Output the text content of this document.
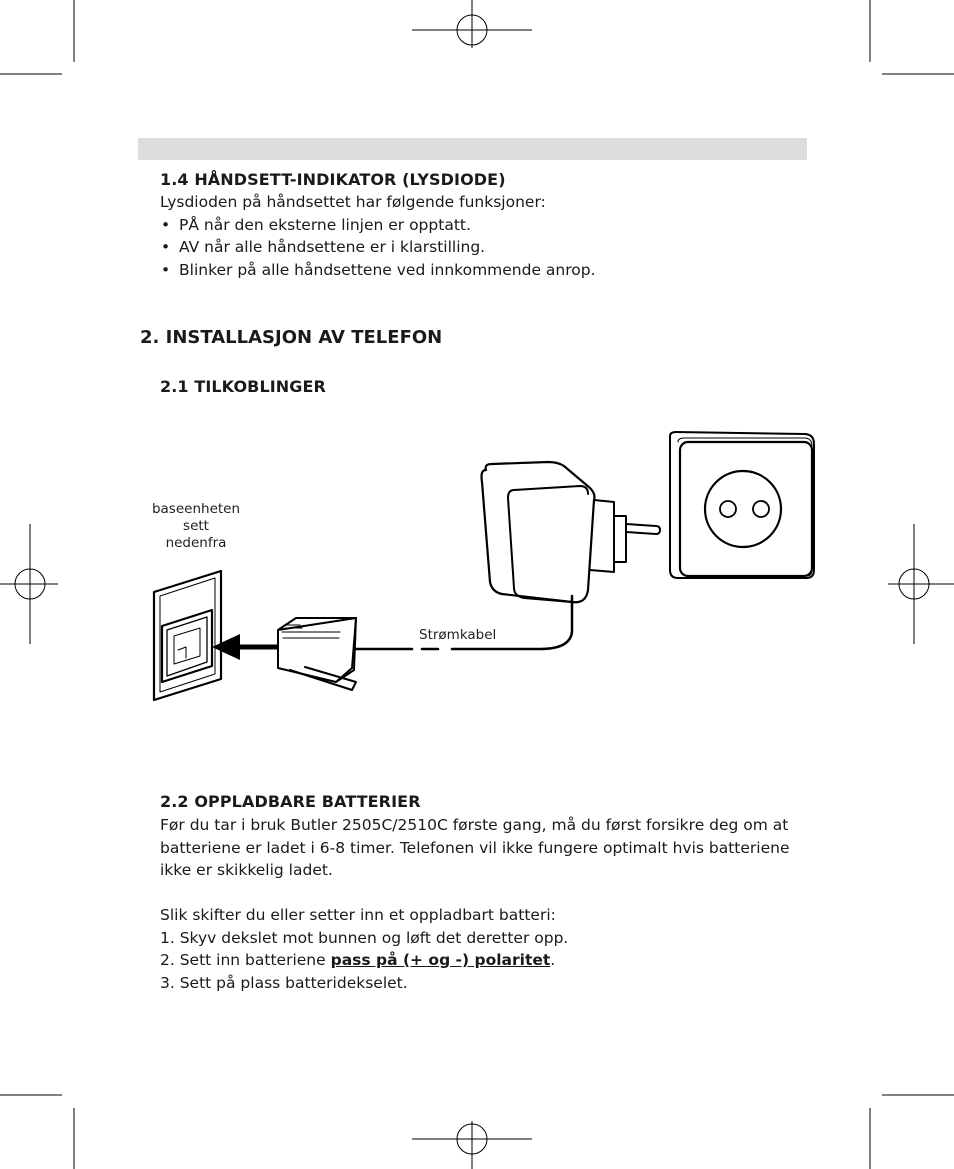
1.4 HÅNDSETT-INDIKATOR (LYSDIODE)

Lysdioden på håndsettet har følgende funksjoner:

• PÅ når den eksterne linjen er opptatt.
• AV når alle håndsettene er i klarstilling.
• Blinker på alle håndsettene ved innkommende anrop.
2. INSTALLASJON AV TELEFON
2.1 TILKOBLINGER
baseenheten
sett
nedenfra
Strømkabel
2.2 OPPLADBARE BATTERIER

Før du tar i bruk Butler 2505C/2510C første gang, må du først forsikre deg om at

batteriene er ladet i 6-8 timer. Telefonen vil ikke fungere optimalt hvis batteriene

ikke er skikkelig ladet.

Slik skifter du eller setter inn et oppladbart batteri:

1. Skyv dekslet mot bunnen og løft det deretter opp.

2. Sett inn batteriene pass på (+ og -) polaritet.

3. Sett på plass batteridekselet.
